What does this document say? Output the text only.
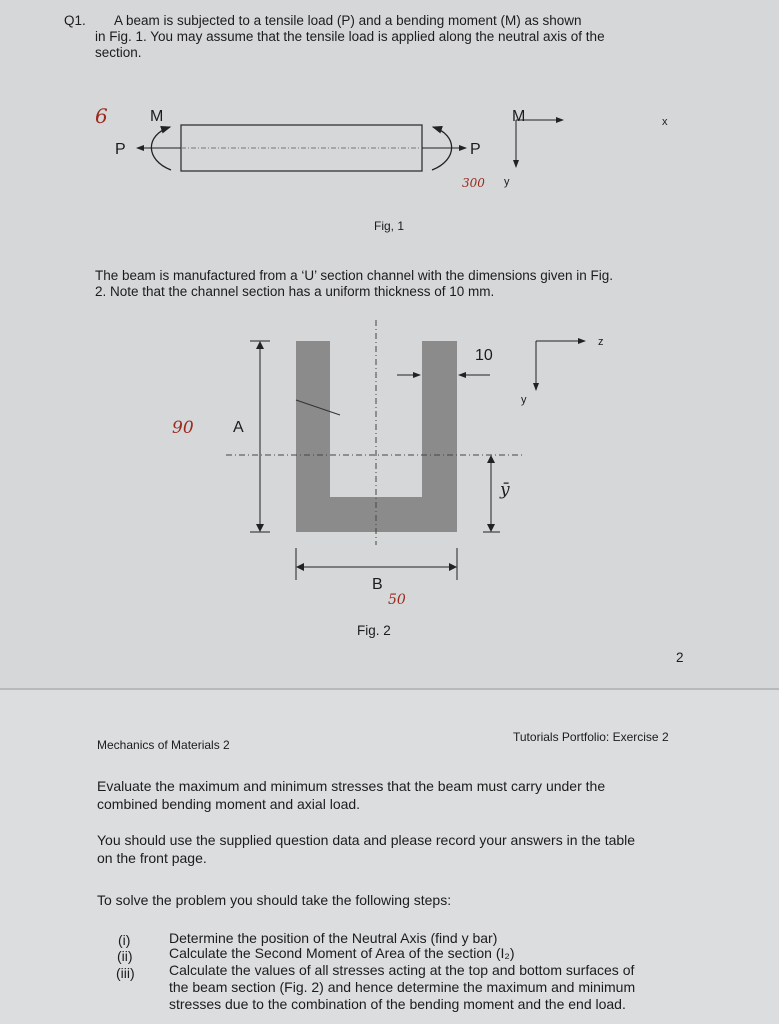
Q1. A beam is subjected to a tensile load (P) and a bending moment (M) as shown
in Fig. 1. You may assume that the tensile load is applied along the neutral axis of the
section.
6	M	M
P	P
x
y
300
Fig, 1
The beam is manufactured from a ‘U’ section channel with the dimensions given in Fig.
2. Note that the channel section has a uniform thickness of 10 mm.
10
90 A
ȳ
z
y
B
50
Fig. 2
2
Mechanics of Materials 2
Tutorials Portfolio: Exercise 2
Evaluate the maximum and minimum stresses that the beam must carry under the
combined bending moment and axial load.
You should use the supplied question data and please record your answers in the table
on the front page.
To solve the problem you should take the following steps:
(i)	Determine the position of the Neutral Axis (find y bar)
(ii)	Calculate the Second Moment of Area of the section (I₂)
(iii) Calculate the values of all stresses acting at the top and bottom surfaces of
the beam section (Fig. 2) and hence determine the maximum and minimum
stresses due to the combination of the bending moment and the end load.
